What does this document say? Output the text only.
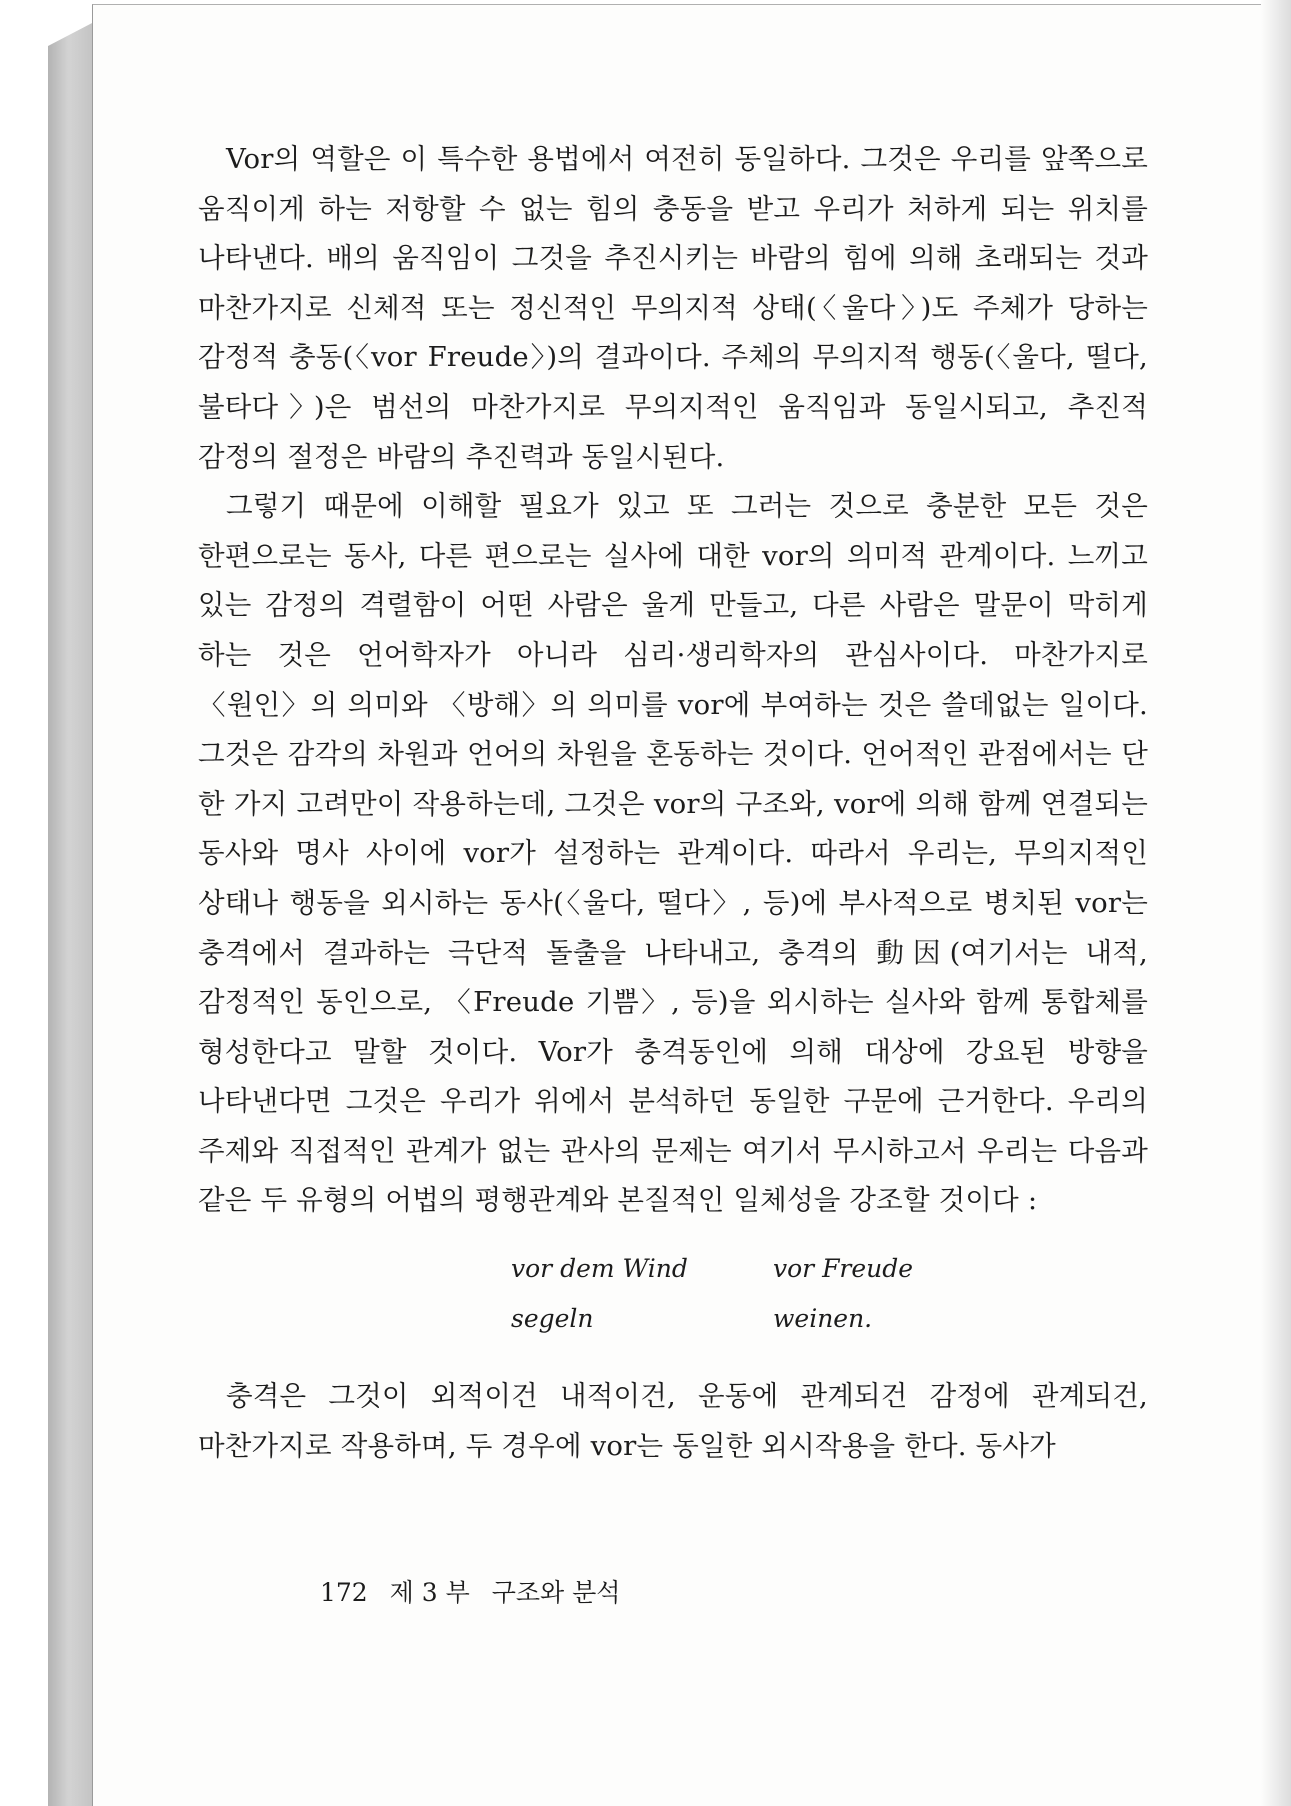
Vor의 역할은 이 특수한 용법에서 여전히 동일하다. 그것은 우리를 앞쪽으로 움직이게 하는 저항할 수 없는 힘의 충동을 받고 우리가 처하게 되는 위치를 나타낸다. 배의 움직임이 그것을 추진시키는 바람의 힘에 의해 초래되는 것과 마찬가지로 신체적 또는 정신적인 무의지적 상태(〈울다〉)도 주체가 당하는 감정적 충동(〈vor Freude〉)의 결과이다. 주체의 무의지적 행동(〈울다, 떨다, 불타다〉)은 범선의 마찬가지로 무의지적인 움직임과 동일시되고, 추진적 감정의 절정은 바람의 추진력과 동일시된다.

그렇기 때문에 이해할 필요가 있고 또 그러는 것으로 충분한 모든 것은 한편으로는 동사, 다른 편으로는 실사에 대한 vor의 의미적 관계이다. 느끼고 있는 감정의 격렬함이 어떤 사람은 울게 만들고, 다른 사람은 말문이 막히게 하는 것은 언어학자가 아니라 심리·생리학자의 관심사이다. 마찬가지로 〈원인〉의 의미와 〈방해〉의 의미를 vor에 부여하는 것은 쓸데없는 일이다. 그것은 감각의 차원과 언어의 차원을 혼동하는 것이다. 언어적인 관점에서는 단 한 가지 고려만이 작용하는데, 그것은 vor의 구조와, vor에 의해 함께 연결되는 동사와 명사 사이에 vor가 설정하는 관계이다. 따라서 우리는, 무의지적인 상태나 행동을 외시하는 동사(〈울다, 떨다〉, 등)에 부사적으로 병치된 vor는 충격에서 결과하는 극단적 돌출을 나타내고, 충격의 動因(여기서는 내적, 감정적인 동인으로, 〈Freude 기쁨〉, 등)을 외시하는 실사와 함께 통합체를 형성한다고 말할 것이다. Vor가 충격동인에 의해 대상에 강요된 방향을 나타낸다면 그것은 우리가 위에서 분석하던 동일한 구문에 근거한다. 우리의 주제와 직접적인 관계가 없는 관사의 문제는 여기서 무시하고서 우리는 다음과 같은 두 유형의 어법의 평행관계와 본질적인 일체성을 강조할 것이다 :

vor dem Wind	vor Freude
segeln	weinen.

충격은 그것이 외적이건 내적이건, 운동에 관계되건 감정에 관계되건, 마찬가지로 작용하며, 두 경우에 vor는 동일한 외시작용을 한다. 동사가

172 제 3 부 구조와 분석
